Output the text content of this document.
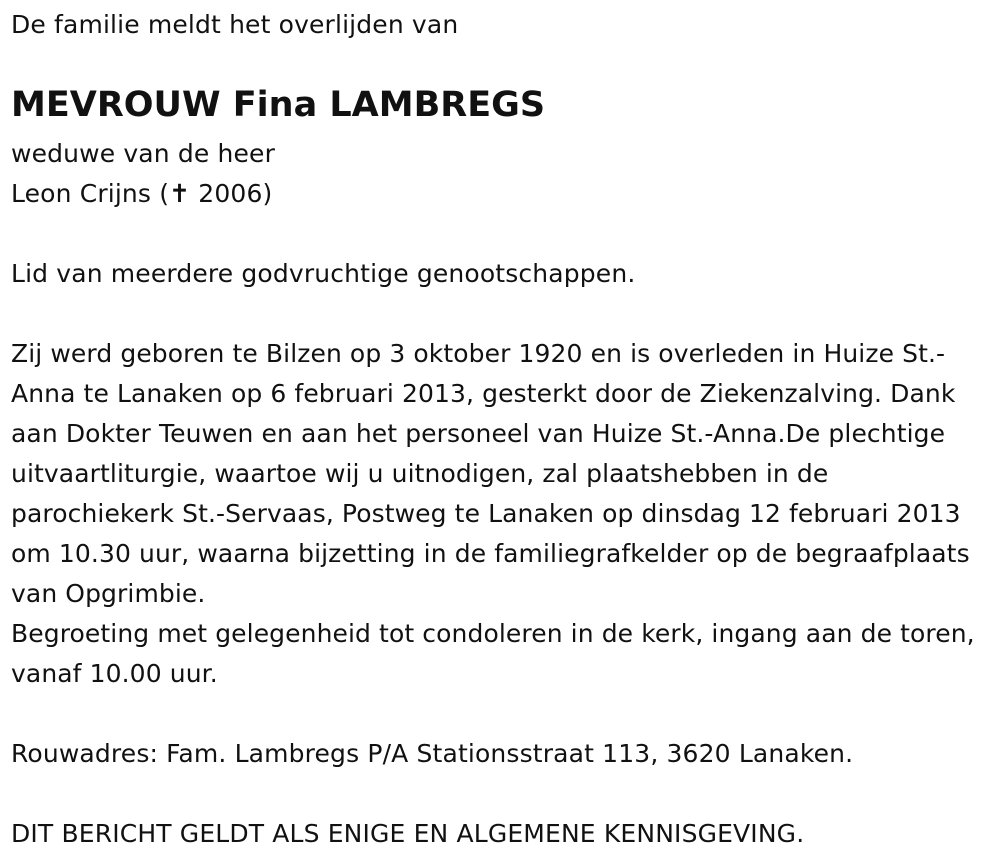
De familie meldt het overlijden van
MEVROUW Fina LAMBREGS
weduwe van de heer
Leon Crijns (✝ 2006)
Lid van meerdere godvruchtige genootschappen.

Zij werd geboren te Bilzen op 3 oktober 1920 en is overleden in Huize St.-Anna te Lanaken op 6 februari 2013, gesterkt door de Ziekenzalving. Dank aan Dokter Teuwen en aan het personeel van Huize St.-Anna.De plechtige uitvaartliturgie, waartoe wij u uitnodigen, zal plaatshebben in de parochiekerk St.-Servaas, Postweg te Lanaken op dinsdag 12 februari 2013 om 10.30 uur, waarna bijzetting in de familiegrafkelder op de begraafplaats van Opgrimbie.

Begroeting met gelegenheid tot condoleren in de kerk, ingang aan de toren, vanaf 10.00 uur.

Rouwadres: Fam. Lambregs P/A Stationsstraat 113, 3620 Lanaken.
DIT BERICHT GELDT ALS ENIGE EN ALGEMENE KENNISGEVING.
